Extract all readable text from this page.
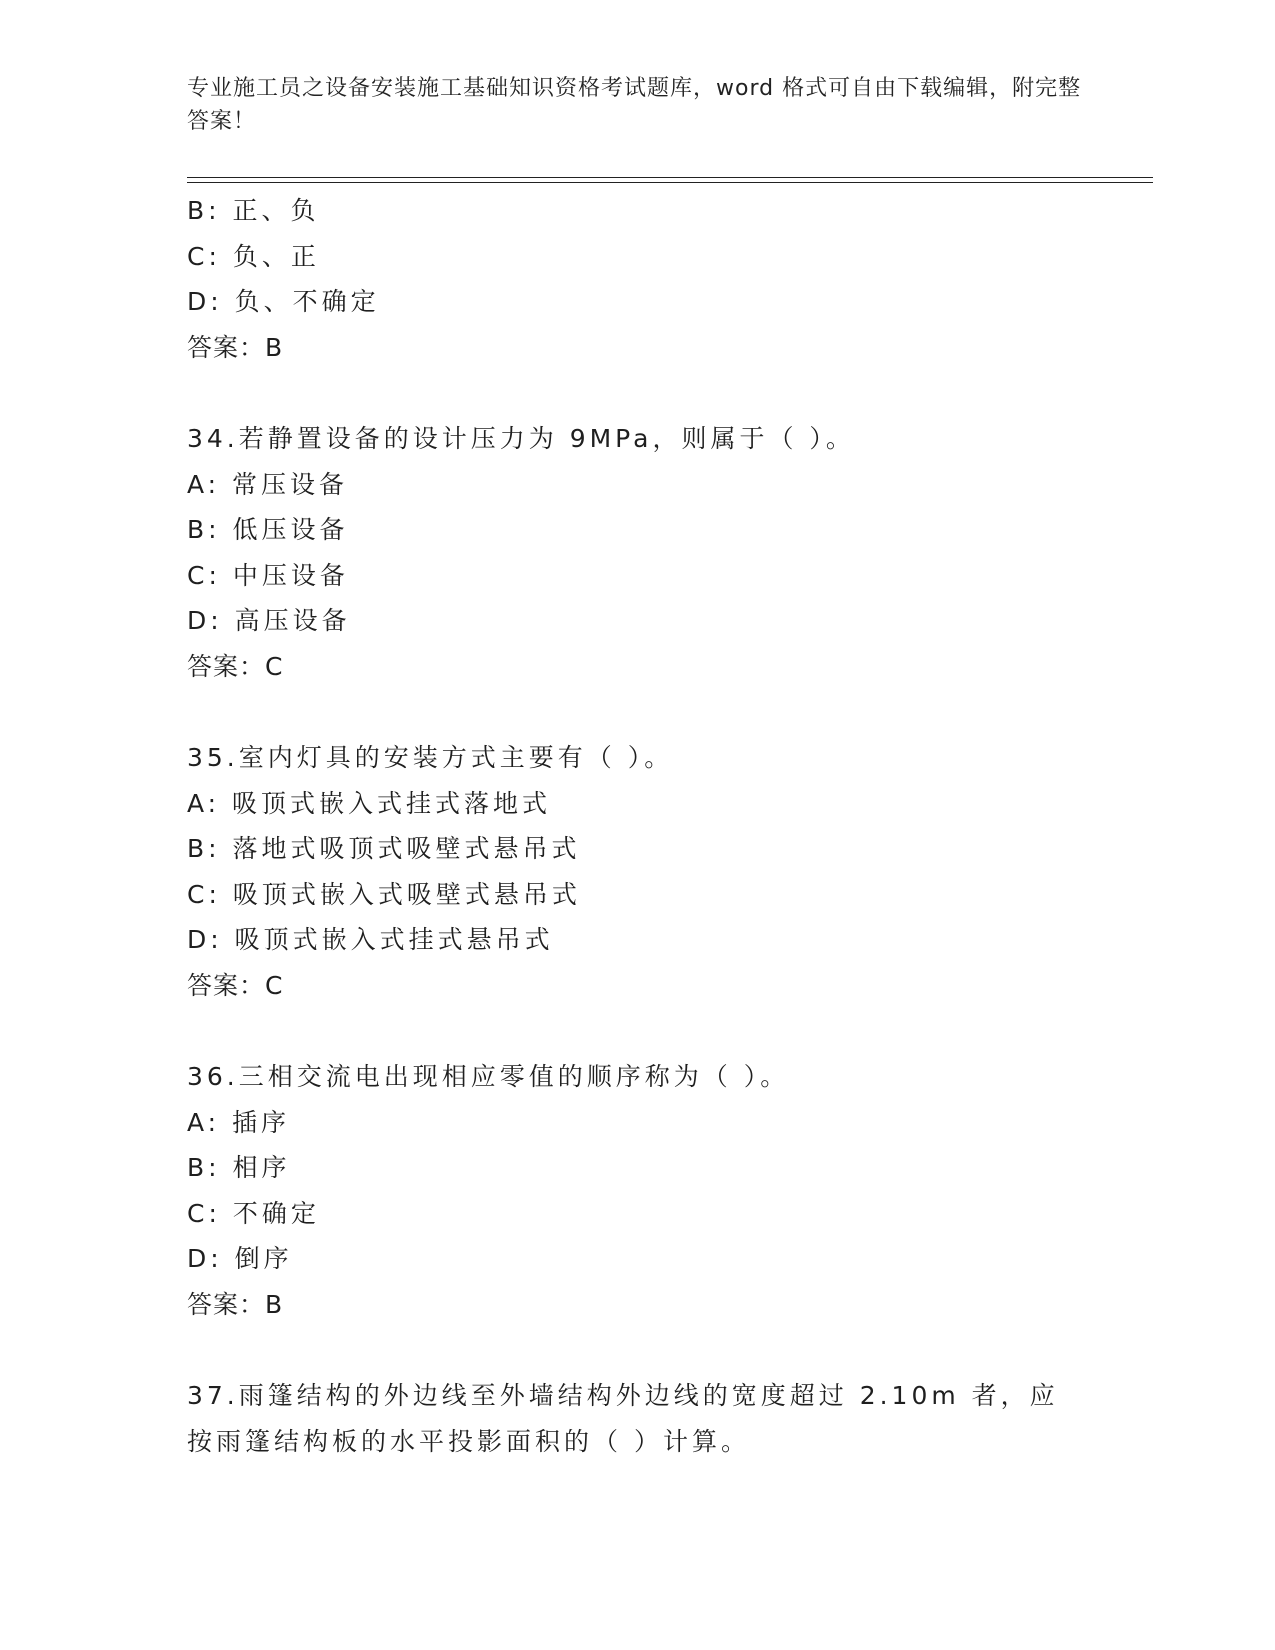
专业施工员之设备安装施工基础知识资格考试题库，word 格式可自由下载编辑，附完整答案！
B: 正、负
C: 负、正
D: 负、不确定
答案：B
34.若静置设备的设计压力为 9MPa，则属于（ ）。
A: 常压设备
B: 低压设备
C: 中压设备
D: 高压设备
答案：C
35.室内灯具的安装方式主要有（ ）。
A: 吸顶式嵌入式挂式落地式
B: 落地式吸顶式吸壁式悬吊式
C: 吸顶式嵌入式吸壁式悬吊式
D: 吸顶式嵌入式挂式悬吊式
答案：C
36.三相交流电出现相应零值的顺序称为（ ）。
A: 插序
B: 相序
C: 不确定
D: 倒序
答案：B
37.雨篷结构的外边线至外墙结构外边线的宽度超过 2.10m 者，应按雨篷结构板的水平投影面积的（ ）计算。
